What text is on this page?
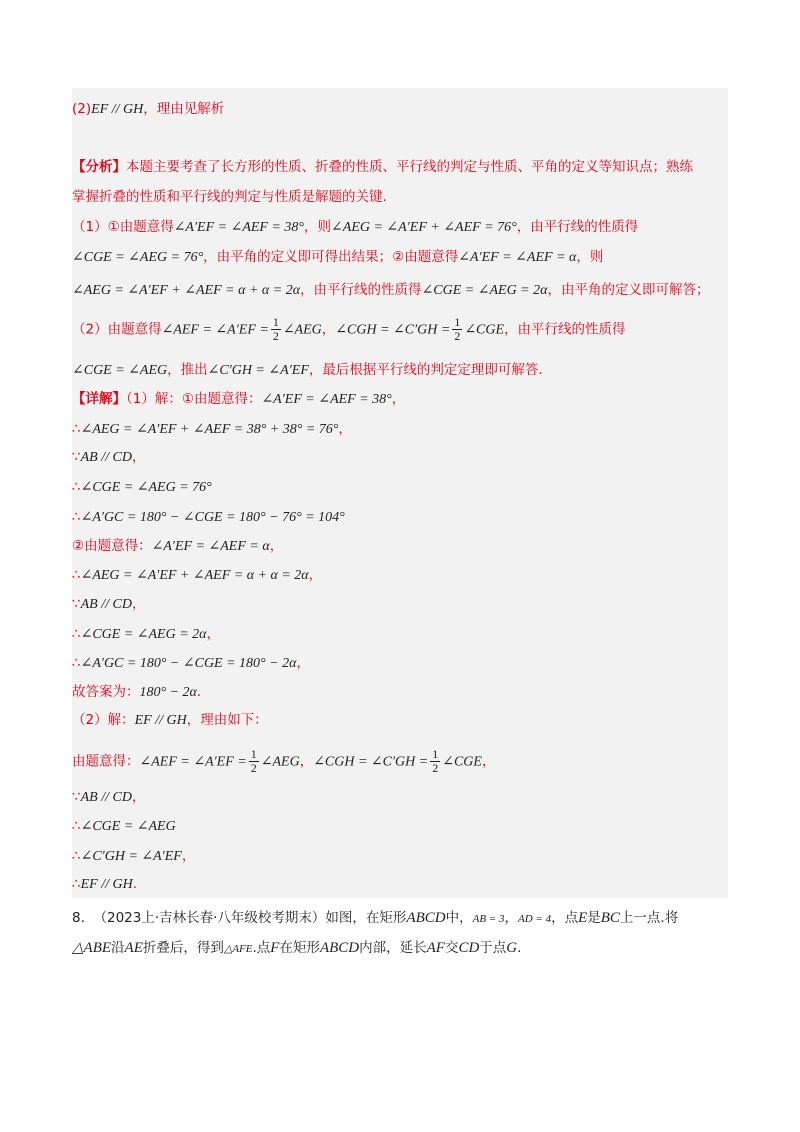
(2)EF // GH，理由见解析
【分析】本题主要考查了长方形的性质、折叠的性质、平行线的判定与性质、平角的定义等知识点；熟练
掌握折叠的性质和平行线的判定与性质是解题的关键.
（1）①由题意得∠A′EF = ∠AEF = 38°，则∠AEG = ∠A′EF + ∠AEF = 76°，由平行线的性质得
∠CGE = ∠AEG = 76°，由平角的定义即可得出结果；②由题意得∠A′EF = ∠AEF = α，则
∠AEG = ∠A′EF + ∠AEF = α + α = 2α，由平行线的性质得∠CGE = ∠AEG = 2α，由平角的定义即可解答；
（2）由题意得∠AEF = ∠A′EF = $\frac{1}{2}$ ∠AEG，∠CGH = ∠C′GH = $\frac{1}{2}$ ∠CGE，由平行线的性质得
∠CGE = ∠AEG，推出∠C′GH = ∠A′EF，最后根据平行线的判定定理即可解答.
【详解】（1）解：①由题意得：∠A′EF = ∠AEF = 38°，
∴∠AEG = ∠A′EF + ∠AEF = 38° + 38° = 76°，
∵AB // CD，
∴∠CGE = ∠AEG = 76°
∴∠A′GC = 180° − ∠CGE = 180° − 76° = 104°
②由题意得：∠A′EF = ∠AEF = α，
∴∠AEG = ∠A′EF + ∠AEF = α + α = 2α，
∵AB // CD，
∴∠CGE = ∠AEG = 2α，
∴∠A′GC = 180° − ∠CGE = 180° − 2α，
故答案为：180° − 2α.
（2）解：EF // GH，理由如下：
由题意得：∠AEF = ∠A′EF = $\frac{1}{2}$ ∠AEG，∠CGH = ∠C′GH = $\frac{1}{2}$ ∠CGE，
∵AB // CD，
∴∠CGE = ∠AEG
∴∠C′GH = ∠A′EF，
∴EF // GH.
8. （2023上·吉林长春·八年级校考期末）如图，在矩形ABCD中，AB = 3，AD = 4，点E是BC上一点.将
△ABE沿AE折叠后，得到△AFE.点F在矩形ABCD内部，延长AF交CD于点G.
